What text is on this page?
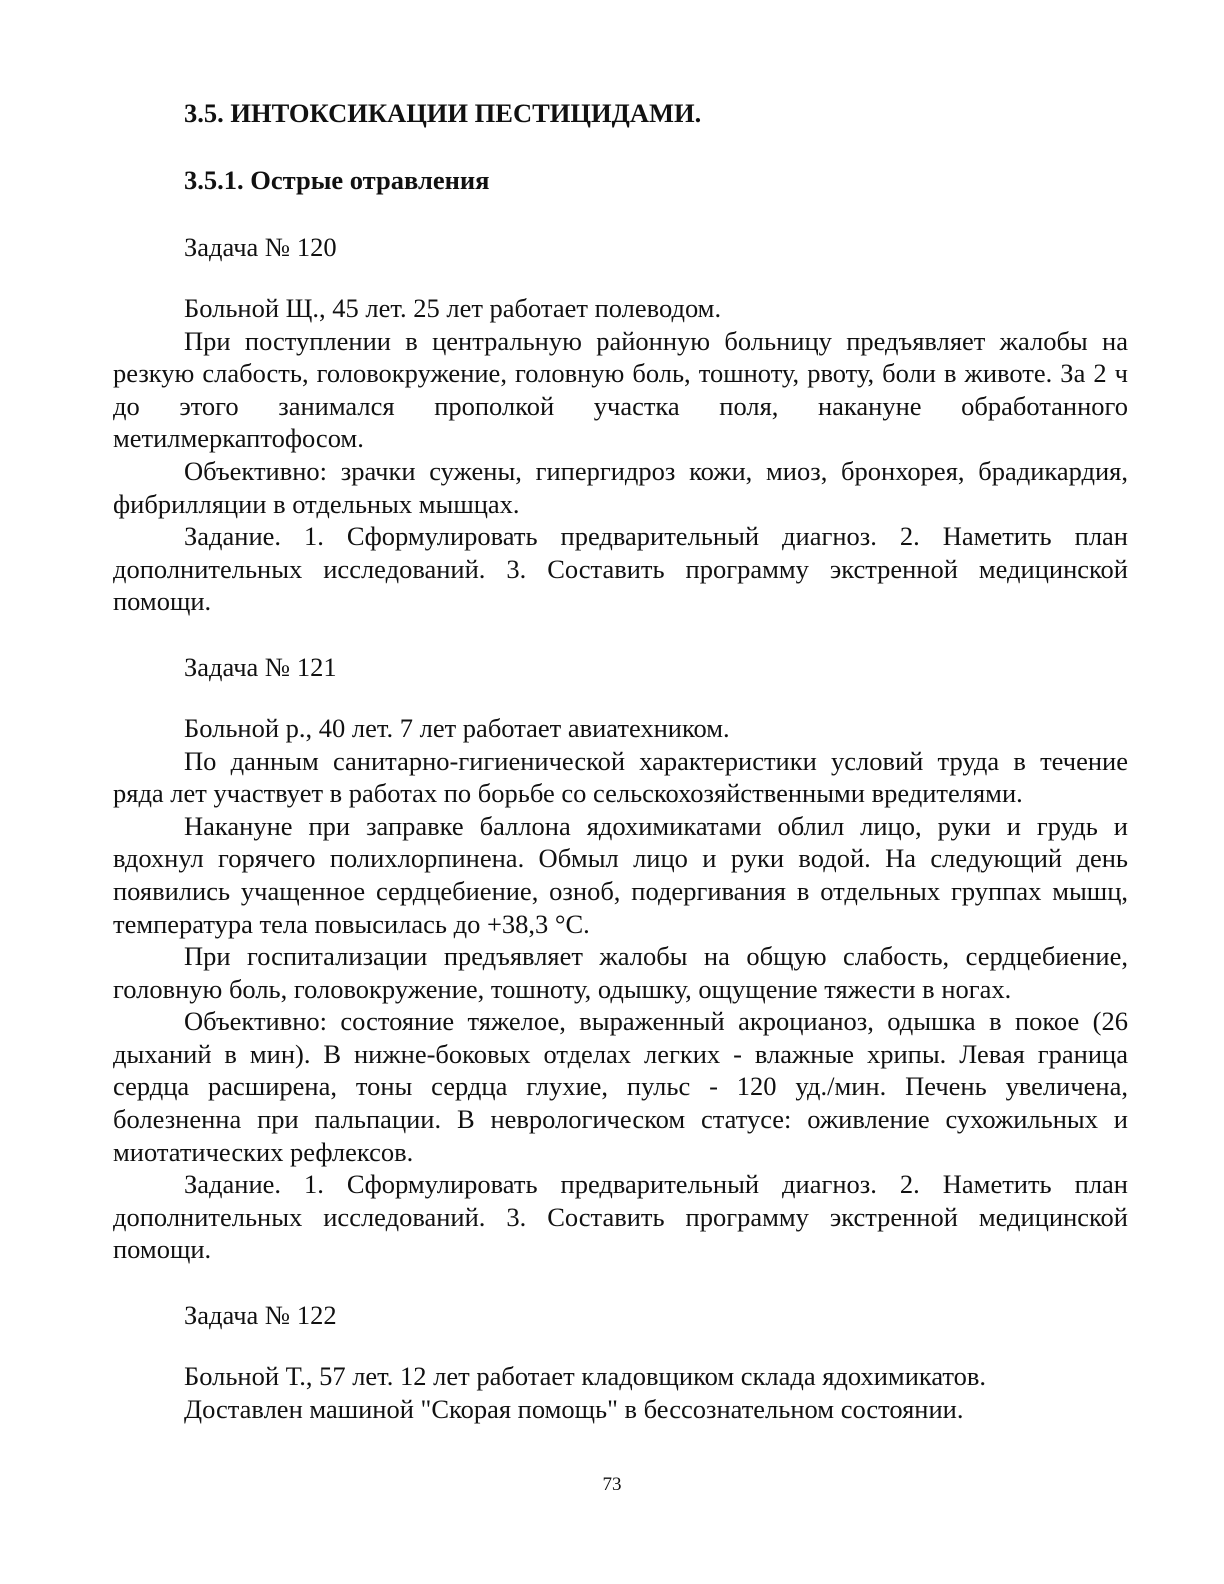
3.5. ИНТОКСИКАЦИИ ПЕСТИЦИДАМИ.
3.5.1. Острые отравления

Задача № 120

Больной Щ., 45 лет. 25 лет работает полеводом.

При поступлении в центральную районную больницу предъявляет жалобы на резкую слабость, головокружение, головную боль, тошноту, рвоту, боли в животе. За 2 ч до этого занимался прополкой участка поля, накануне обработанного метилмеркаптофосом.

Объективно: зрачки сужены, гипергидроз кожи, миоз, бронхорея, брадикардия, фибрилляции в отдельных мышцах.

Задание. 1. Сформулировать предварительный диагноз. 2. Наметить план дополнительных исследований. 3. Составить программу экстренной медицинской помощи.

Задача № 121

Больной р., 40 лет. 7 лет работает авиатехником.

По данным санитарно-гигиенической характеристики условий труда в течение ряда лет участвует в работах по борьбе со сельскохозяйственными вредителями.

Накануне при заправке баллона ядохимикатами облил лицо, руки и грудь и вдохнул горячего полихлорпинена. Обмыл лицо и руки водой. На следующий день появились учащенное сердцебиение, озноб, подергивания в отдельных группах мышц, температура тела повысилась до +38,3 °С.

При госпитализации предъявляет жалобы на общую слабость, сердцебиение, головную боль, головокружение, тошноту, одышку, ощущение тяжести в ногах.

Объективно: состояние тяжелое, выраженный акроцианоз, одышка в покое (26 дыханий в мин). В нижне-боковых отделах легких - влажные хрипы. Левая граница сердца расширена, тоны сердца глухие, пульс - 120 уд./мин. Печень увеличена, болезненна при пальпации. В неврологическом статусе: оживление сухожильных и миотатических рефлексов.

Задание. 1. Сформулировать предварительный диагноз. 2. Наметить план дополнительных исследований. 3. Составить программу экстренной медицинской помощи.

Задача № 122

Больной Т., 57 лет. 12 лет работает кладовщиком склада ядохимикатов.

Доставлен машиной "Скорая помощь" в бессознательном состоянии.

73
